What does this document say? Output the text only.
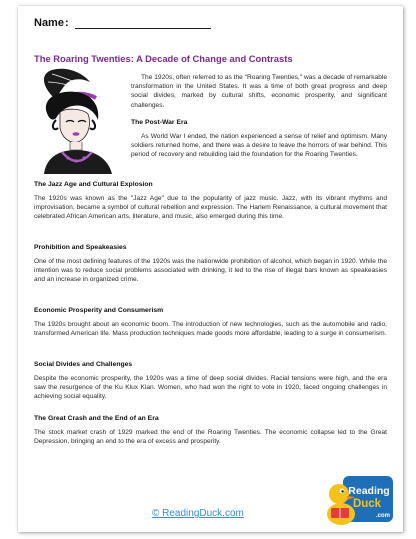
Name :
The Roaring Twenties: A Decade of Change and Contrasts

The 1920s, often referred to as the "Roaring Twenties," was a decade of remarkable transformation in the United States. It was a time of both great progress and deep social divides, marked by cultural shifts, economic prosperity, and significant challenges.

The Post-War Era

As World War I ended, the nation experienced a sense of relief and optimism. Many soldiers returned home, and there was a desire to leave the horrors of war behind. This period of recovery and rebuilding laid the foundation for the Roaring Twenties.

The Jazz Age and Cultural Explosion

The 1920s was known as the "Jazz Age" due to the popularity of jazz music. Jazz, with its vibrant rhythms and improvisation, became a symbol of cultural rebellion and expression. The Harlem Renaissance, a cultural movement that celebrated African American arts, literature, and music, also emerged during this time.

Prohibition and Speakeasies

One of the most defining features of the 1920s was the nationwide prohibition of alcohol, which began in 1920. While the intention was to reduce social problems associated with drinking, it led to the rise of illegal bars known as speakeasies and an increase in organized crime.

Economic Prosperity and Consumerism

The 1920s brought about an economic boom. The introduction of new technologies, such as the automobile and radio, transformed American life. Mass production techniques made goods more affordable, leading to a surge in consumerism.

Social Divides and Challenges

Despite the economic prosperity, the 1920s was a time of deep social divides. Racial tensions were high, and the era saw the resurgence of the Ku Klux Klan. Women, who had won the right to vote in 1920, faced ongoing challenges in achieving social equality.

The Great Crash and the End of an Era

The stock market crash of 1929 marked the end of the Roaring Twenties. The economic collapse led to the Great Depression, bringing an end to the era of excess and prosperity.

© ReadingDuck.com
Reading
Duck
.com
